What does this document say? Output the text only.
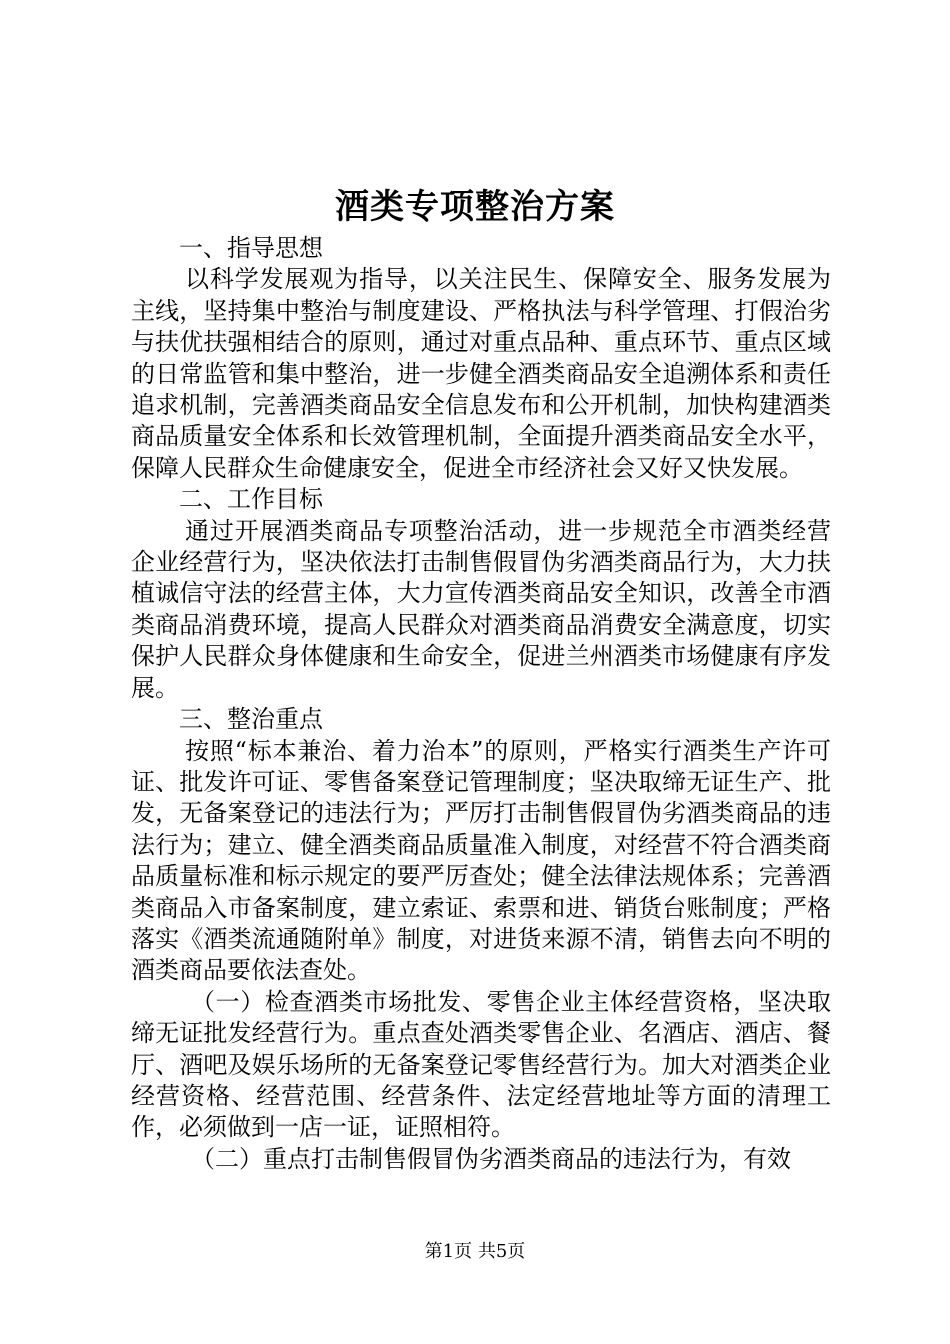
酒类专项整治方案

一、指导思想

以科学发展观为指导，以关注民生、保障安全、服务发展为主线，坚持集中整治与制度建设、严格执法与科学管理、打假治劣与扶优扶强相结合的原则，通过对重点品种、重点环节、重点区域的日常监管和集中整治，进一步健全酒类商品安全追溯体系和责任追求机制，完善酒类商品安全信息发布和公开机制，加快构建酒类商品质量安全体系和长效管理机制，全面提升酒类商品安全水平，保障人民群众生命健康安全，促进全市经济社会又好又快发展。

二、工作目标

通过开展酒类商品专项整治活动，进一步规范全市酒类经营企业经营行为，坚决依法打击制售假冒伪劣酒类商品行为，大力扶植诚信守法的经营主体，大力宣传酒类商品安全知识，改善全市酒类商品消费环境，提高人民群众对酒类商品消费安全满意度，切实保护人民群众身体健康和生命安全，促进兰州酒类市场健康有序发展。

三、整治重点

按照“标本兼治、着力治本”的原则，严格实行酒类生产许可证、批发许可证、零售备案登记管理制度；坚决取缔无证生产、批发，无备案登记的违法行为；严厉打击制售假冒伪劣酒类商品的违法行为；建立、健全酒类商品质量准入制度，对经营不符合酒类商品质量标准和标示规定的要严厉查处；健全法律法规体系；完善酒类商品入市备案制度，建立索证、索票和进、销货台账制度；严格落实《酒类流通随附单》制度，对进货来源不清，销售去向不明的酒类商品要依法查处。

（一）检查酒类市场批发、零售企业主体经营资格，坚决取缔无证批发经营行为。重点查处酒类零售企业、名酒店、酒店、餐厅、酒吧及娱乐场所的无备案登记零售经营行为。加大对酒类企业经营资格、经营范围、经营条件、法定经营地址等方面的清理工作，必须做到一店一证，证照相符。

（二）重点打击制售假冒伪劣酒类商品的违法行为，有效

第1页 共5页
